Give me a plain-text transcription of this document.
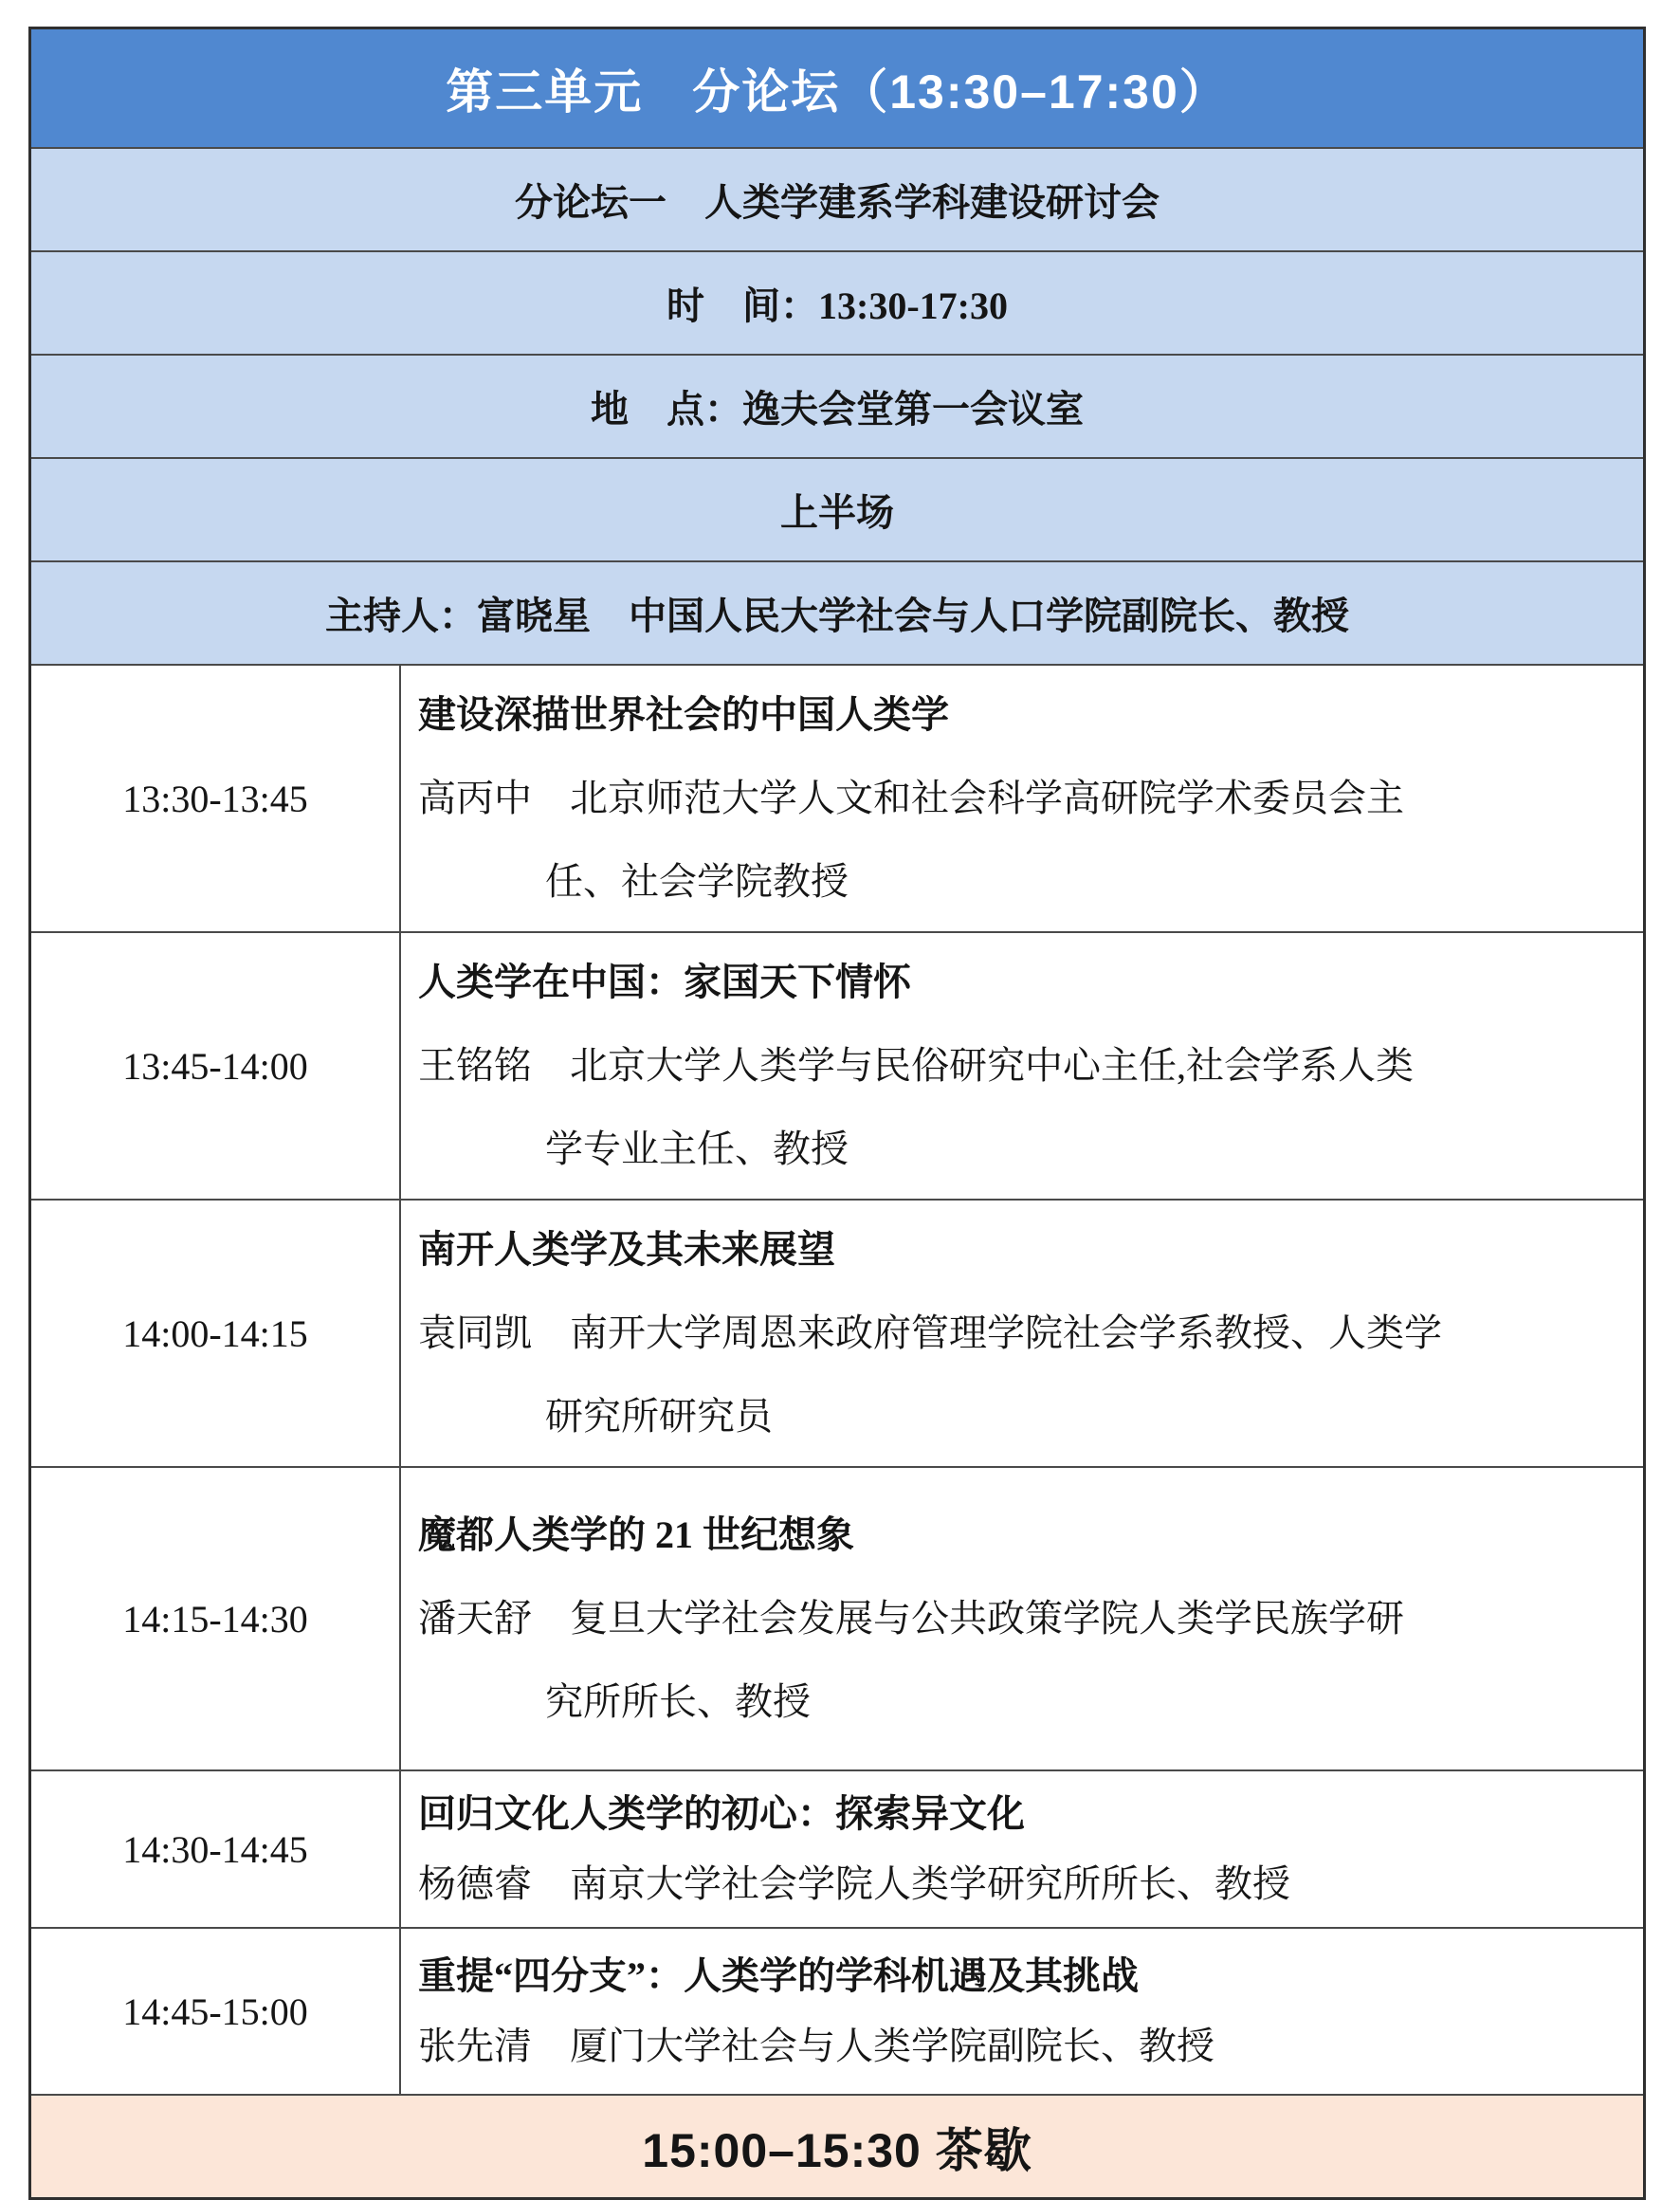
第三单元　分论坛（13:30–17:30）
分论坛一　人类学建系学科建设研讨会
时　间：13:30-17:30
地　点：逸夫会堂第一会议室
上半场
主持人：富晓星　中国人民大学社会与人口学院副院长、教授
13:30-13:45
建设深描世界社会的中国人类学
高丙中　北京师范大学人文和社会科学高研院学术委员会主
任、社会学院教授
13:45-14:00
人类学在中国：家国天下情怀
王铭铭　北京大学人类学与民俗研究中心主任,社会学系人类
学专业主任、教授
14:00-14:15
南开人类学及其未来展望
袁同凯　南开大学周恩来政府管理学院社会学系教授、人类学
研究所研究员
14:15-14:30
魔都人类学的 21 世纪想象
潘天舒　复旦大学社会发展与公共政策学院人类学民族学研
究所所长、教授
14:30-14:45
回归文化人类学的初心：探索异文化
杨德睿　南京大学社会学院人类学研究所所长、教授
14:45-15:00
重提“四分支”：人类学的学科机遇及其挑战
张先清　厦门大学社会与人类学院副院长、教授
15:00–15:30 茶歇
